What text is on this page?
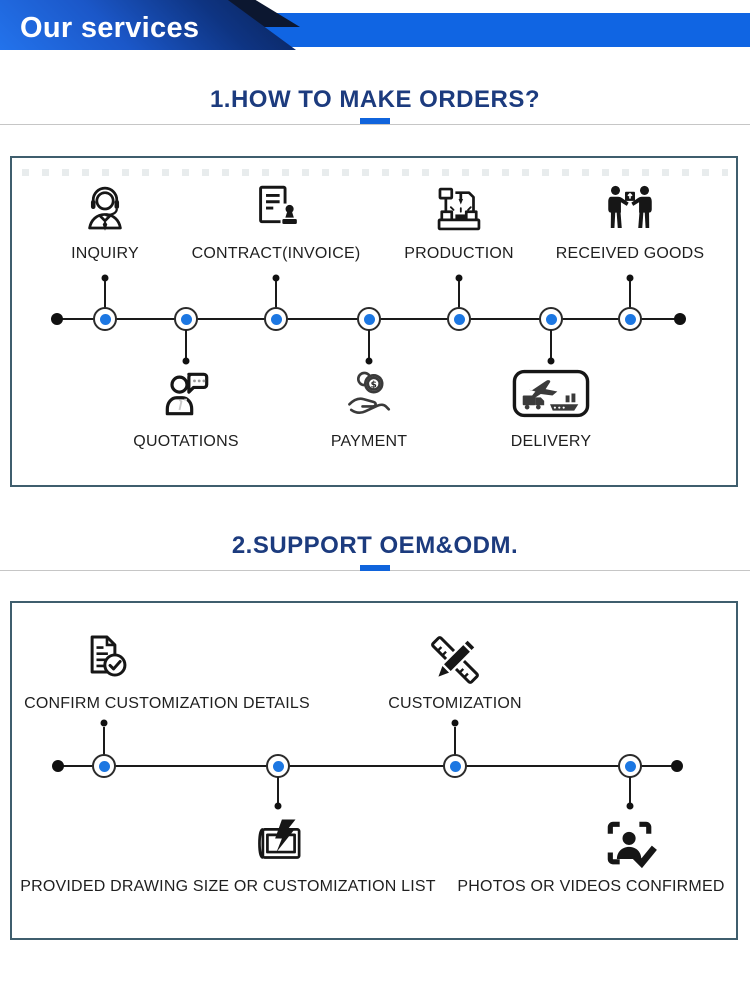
Our services
1.HOW TO MAKE ORDERS?
INQUIRY	CONTRACT(INVOICE)	PRODUCTION	RECEIVED GOODS
$
QUOTATIONS	PAYMENT	DELIVERY
2.SUPPORT OEM&ODM.
CONFIRM CUSTOMIZATION DETAILS	CUSTOMIZATION
PROVIDED DRAWING SIZE OR CUSTOMIZATION LIST PHOTOS OR VIDEOS CONFIRMED
